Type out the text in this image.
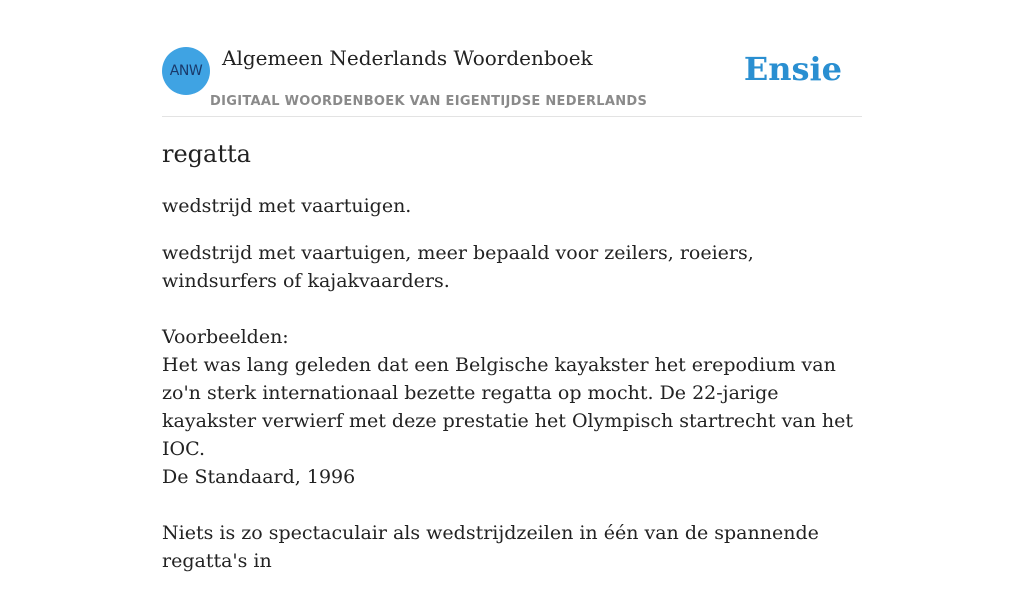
ANW
Algemeen Nederlands Woordenboek
DIGITAAL WOORDENBOEK VAN EIGENTIJDSE NEDERLANDS
Ensie
regatta

wedstrijd met vaartuigen.

wedstrijd met vaartuigen, meer bepaald voor zeilers, roeiers, windsurfers of kajakvaarders.

Voorbeelden:

Het was lang geleden dat een Belgische kayakster het erepodium van zo'n sterk internationaal bezette regatta op mocht. De 22-jarige kayakster verwierf met deze prestatie het Olympisch startrecht van het IOC.

De Standaard, 1996

Niets is zo spectaculair als wedstrijdzeilen in één van de spannende regatta's in
